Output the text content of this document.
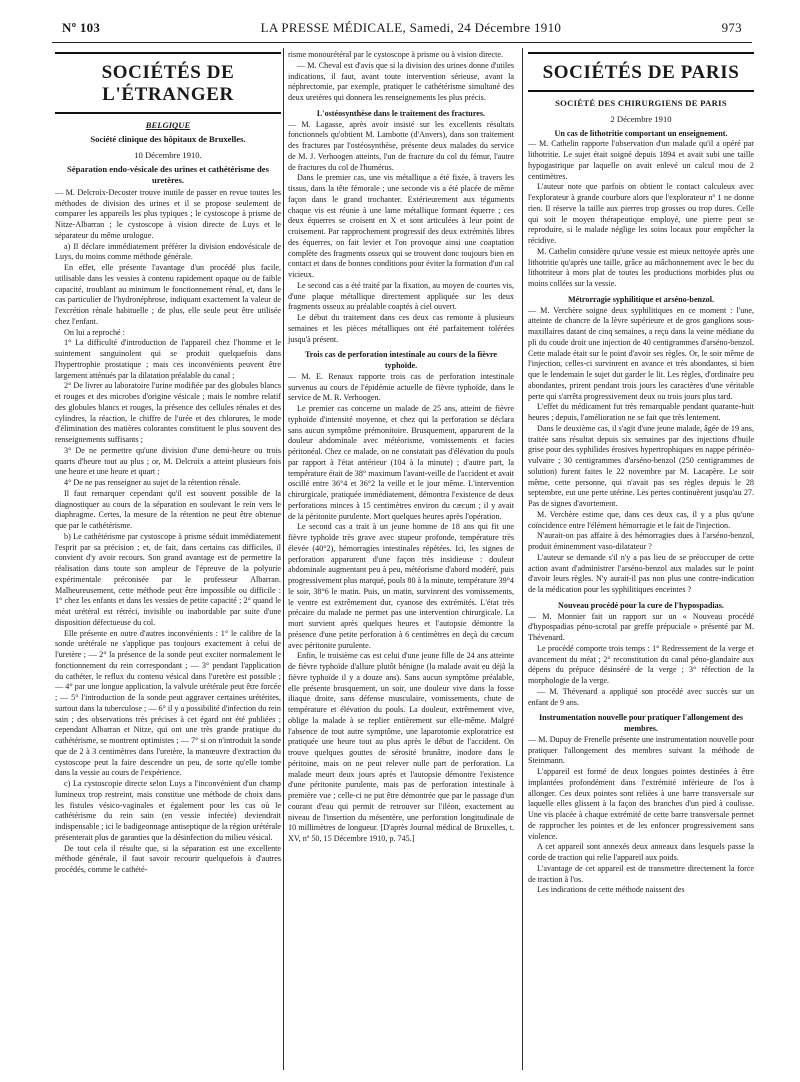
Nº 103	LA PRESSE MÉDICALE, Samedi, 24 Décembre 1910	973
SOCIÉTÉS DE L'ÉTRANGER
BELGIQUE
Société clinique des hôpitaux de Bruxelles.
10 Décembre 1910.
Séparation endo-vésicale des urines et cathétérisme des uretères.

— M. Delcroix-Decoster trouve inutile de passer en revue toutes les méthodes de division des urines et il se propose seulement de comparer les appareils les plus typiques ; le cystoscope à prisme de Nitze-Albarran ; le cystoscope à vision directe de Luys et le séparateur du même urologue.

a) Il déclare immédiatement préférer la division endovésicale de Luys, du moins comme méthode générale.

En effet, elle présente l'avantage d'un procédé plus facile, utilisable dans les vessies à contenu rapidement opaque ou de faible capacité, troublant au minimum le fonctionnement rénal, et, dans le cas particulier de l'hydronéphrose, indiquant exactement la valeur de l'excrétion rénale habituelle ; de plus, elle seule peut être utilisée chez l'enfant.

On lui a reproché :

1° La difficulté d'introduction de l'appareil chez l'homme et le suintement sanguinolent qui se produit quelquefois dans l'hypertrophie prostatique ; mais ces inconvénients peuvent être largement atténués par la dilatation préalable du canal ;

2° De livrer au laboratoire l'urine modifiée par des globules blancs et rouges et des microbes d'origine vésicale ; mais le nombre relatif des globules blancs et rouges, la présence des cellules rénales et des cylindres, la réaction, le chiffre de l'urée et des chlorures, le mode d'élimination des matières colorantes constituent le plus souvent des renseignements suffisants ;

3° De ne permettre qu'une division d'une demi-heure ou trois quarts d'heure tout au plus ; or, M. Delcroix a atteint plusieurs fois une heure et une heure et quart ;

4° De ne pas renseigner au sujet de la rétention rénale.

Il faut remarquer cependant qu'il est souvent possible de la diagnostiquer au cours de la séparation en soulevant le rein vers le diaphragme. Certes, la mesure de la rétention ne peut être obtenue que par le cathétérisme.

b) Le cathétérisme par cystoscope à prisme séduit immédiatement l'esprit par sa précision ; et, de fait, dans certains cas difficiles, il convient d'y avoir recours. Son grand avantage est de permettre la réalisation dans toute son ampleur de l'épreuve de la polyurie expérimentale préconisée par le professeur Albarran. Malheureusement, cette méthode peut être impossible ou difficile : 1° chez les enfants et dans les vessies de petite capacité ; 2° quand le méat urétéral est rétréci, invisible ou inabordable par suite d'une disposition défectueuse du col.

Elle présente en outre d'autres inconvénients : 1° le calibre de la sonde urétérale ne s'applique pas toujours exactement à celui de l'uretère ; — 2° la présence de la sonde peut exciter normalement le fonctionnement du rein correspondant ; — 3° pendant l'application du cathéter, le reflux du contenu vésical dans l'uretère est possible ; — 4° par une longue application, la valvule urétérale peut être forcée ; — 5° l'introduction de la sonde peut aggraver certaines urétérites, surtout dans la tuberculose ; — 6° il y a possibilité d'infection du rein sain ; des observations très précises à cet égard ont été publiées ; cependant Albarran et Nitze, qui ont une très grande pratique du cathétérisme, se montrent optimistes ; — 7° si on n'introduit la sonde que de 2 à 3 centimètres dans l'uretère, la manœuvre d'extraction du cystoscope peut la faire descendre un peu, de sorte qu'elle tombe dans la vessie au cours de l'expérience.

c) La cystoscopie directe selon Luys a l'inconvénient d'un champ lumineux trop restreint, mais constitue une méthode de choix dans les fistules vésico-vaginales et également pour les cas où le cathétérisme du rein sain (en vessie infectée) deviendrait indispensable ; ici le badigeonnage antiseptique de la région urétérale présenterait plus de garanties que la désinfection du milieu vésical.

De tout cela il résulte que, si la séparation est une excellente méthode générale, il faut savoir recourir quelquefois à d'autres procédés, comme le cathété-

risme monourétéral par le cystoscope à prisme ou à vision directe.

— M. Cheval est d'avis que si la division des urines donne d'utiles indications, il faut, avant toute intervention sérieuse, avant la néphrectomie, par exemple, pratiquer le cathétérisme simultané des deux uretères qui donnera les renseignements les plus précis.

L'ostéosynthèse dans le traitement des fractures.

— M. Lagasse, après avoir insisté sur les excellents résultats fonctionnels qu'obtient M. Lambotte (d'Anvers), dans son traitement des fractures par l'ostéosynthèse, présente deux malades du service de M. J. Verhoogen atteints, l'un de fracture du col du fémur, l'autre de fractures du col de l'humérus.

Dans le premier cas, une vis métallique a été fixée, à travers les tissus, dans la tête fémorale ; une seconde vis a été placée de même façon dans le grand trochanter. Extérieurement aux téguments chaque vis est réunie à une lame métallique formant équerre ; ces deux équerres se croisent en X et sont articulées à leur point de croisement. Par rapprochement progressif des deux extrémités libres des équerres, on fait levier et l'on provoque ainsi une coaptation complète des fragments osseux qui se trouvent donc toujours bien en contact et dans de bonnes conditions pour éviter la formation d'un cal vicieux.

Le second cas a été traité par la fixation, au moyen de courtes vis, d'une plaque métallique directement appliquée sur les deux fragments osseux au préalable coaptés à ciel ouvert.

Le début du traitement dans ces deux cas remonte à plusieurs semaines et les pièces métalliques ont été parfaitement tolérées jusqu'à présent.

Trois cas de perforation intestinale au cours de la fièvre typhoïde.

— M. E. Renaux rapporte trois cas de perforation intestinale survenus au cours de l'épidémie actuelle de fièvre typhoïde, dans le service de M. R. Verhoogen.

Le premier cas concerne un malade de 25 ans, atteint de fièvre typhoïde d'intensité moyenne, et chez qui la perforation se déclara sans aucun symptôme prémonitoire. Brusquement, apparurent de la douleur abdominale avec météorisme, vomissements et facies péritonéal. Chez ce malade, on ne constatait pas d'élévation du pouls par rapport à l'état antérieur (104 à la minute) ; d'autre part, la température était de 38° maximum l'avant-veille de l'accident et avait oscillé entre 36°4 et 36°2 la veille et le jour même. L'intervention chirurgicale, pratiquée immédiatement, démontra l'existence de deux perforations minces à 15 centimètres environ du cæcum ; il y avait de la péritonite purulente. Mort quelques heures après l'opération.

Le second cas a trait à un jeune homme de 18 ans qui fit une fièvre typhoïde très grave avec stupeur profonde, température très élevée (40°2), hémorragies intestinales répétées. Ici, les signes de perforation apparurent d'une façon très insidieuse : douleur abdominale augmentant peu à peu, météorisme d'abord modéré, puis progressivement plus marqué, pouls 80 à la minute, température 39°4 le soir, 38°6 le matin. Puis, un matin, survinrent des vomissements, le ventre est extrêmement dur, cyanose des extrémités. L'état très précaire du malade ne permet pas une intervention chirurgicale. La mort survient après quelques heures et l'autopsie démontre la présence d'une petite perforation à 6 centimètres en deçà du cæcum avec péritonite purulente.

Enfin, le troisième cas est celui d'une jeune fille de 24 ans atteinte de fièvre typhoïde d'allure plutôt bénigne (la malade avait eu déjà la fièvre typhoïde il y a douze ans). Sans aucun symptôme préalable, elle présente brusquement, un soir, une douleur vive dans la fosse iliaque droite, sans défense musculaire, vomissements, chute de température et élévation du pouls. La douleur, extrêmement vive, oblige la malade à se replier entièrement sur elle-même. Malgré l'absence de tout autre symptôme, une laparotomie exploratrice est pratiquée une heure tout au plus après le début de l'accident. On trouve quelques gouttes de sérosité brunâtre, inodore dans le péritoine, mais on ne peut relever nulle part de perforation. La malade meurt deux jours après et l'autopsie démontre l'existence d'une péritonite purulente, mais pas de perforation intestinale à première vue ; celle-ci ne put être démontrée que par le passage d'un courant d'eau qui permit de retrouver sur l'iléon, exactement au niveau de l'insertion du mésentère, une perforation longitudinale de 10 millimètres de longueur. [D'après Journal médical de Bruxelles, t. XV, nº 50, 15 Décembre 1910, p. 745.]

SOCIÉTÉS DE PARIS
SOCIÉTÉ DES CHIRURGIENS DE PARIS
2 Décembre 1910
Un cas de lithotritie comportant un enseignement.

— M. Cathelin rapporte l'observation d'un malade qu'il a opéré par lithotritie. Le sujet était soigné depuis 1894 et avait subi une taille hypogastrique par laquelle on avait enlevé un calcul mou de 2 centimètres.

L'auteur note que parfois on obtient le contact calculeux avec l'explorateur à grande courbure alors que l'explorateur nº 1 ne donne rien. Il réserve la taille aux pierres trop grosses ou trop dures. Celle qui soit le moyen thérapeutique employé, une pierre peut se reproduire, si le malade néglige les soins locaux pour empêcher la récidive.

M. Cathelin considère qu'une vessie est mieux nettoyée après une lithotritie qu'après une taille, grâce au mâchonnement avec le bec du lithotriteur à mors plat de toutes les productions morbides plus ou moins collées sur la vessie.

Métrorragie syphilitique et arséno-benzol.

— M. Verchère soigne deux syphilitiques en ce moment : l'une, atteinte de chancre de la lèvre supérieure et de gros ganglions sous-maxillaires datant de cinq semaines, a reçu dans la veine médiane du pli du coude droit une injection de 40 centigrammes d'arséno-benzol. Cette malade était sur le point d'avoir ses règles. Or, le soir même de l'injection, celles-ci survinrent en avance et très abondantes, si bien que le lendemain le sujet dut garder le lit. Les règles, d'ordinaire peu abondantes, prirent pendant trois jours les caractères d'une véritable perte qui s'arrêta progressivement deux ou trois jours plus tard.

L'effet du médicament fut très remarquable pendant quarante-huit heures ; depuis, l'amélioration ne se fait que très lentement.

Dans le deuxième cas, il s'agit d'une jeune malade, âgée de 19 ans, traitée sans résultat depuis six semaines par des injections d'huile grise pour des syphilides érosives hypertrophiques en nappe périnéo-vulvaire ; 30 centigrammes d'arséno-benzol (250 centigrammes de solution) furent faites le 22 novembre par M. Lacapère. Le soir même, cette personne, qui n'avait pas ses règles depuis le 28 septembre, eut une perte utérine. Les pertes continuèrent jusqu'au 27. Pas de signes d'avortement.

M. Verchère estime que, dans ces deux cas, il y a plus qu'une coïncidence entre l'élément hémorragie et le fait de l'injection.

N'aurait-on pas affaire à des hémorragies dues à l'arséno-benzol, produit éminemment vaso-dilatateur ?

L'auteur se demande s'il n'y a pas lieu de se préoccuper de cette action avant d'administrer l'arséno-benzol aux malades sur le point d'avoir leurs règles. N'y aurait-il pas non plus une contre-indication de la médication pour les syphilitiques enceintes ?

Nouveau procédé pour la cure de l'hypospadias.

— M. Monnier fait un rapport sur un « Nouveau procédé d'hypospadias péno-scrotal par greffe prépuciale » présenté par M. Thévenard.

Le procédé comporte trois temps : 1° Redressement de la verge et avancement du méat ; 2° reconstitution du canal péno-glandaire aux dépens du prépuce désinséré de la verge ; 3° réfection de la morphologie de la verge.

— M. Thévenard a appliqué son procédé avec succès sur un enfant de 9 ans.

Instrumentation nouvelle pour pratiquer l'allongement des membres.

— M. Dupuy de Frenelle présente une instrumentation nouvelle pour pratiquer l'allongement des membres suivant la méthode de Steinmann.

L'appareil est formé de deux longues pointes destinées à être implantées profondément dans l'extrémité inférieure de l'os à allonger. Ces deux pointes sont reliées à une barre transversale sur laquelle elles glissent à la façon des branches d'un pied à coulisse. Une vis placée à chaque extrémité de cette barre transversale permet de rapprocher les pointes et de les enfoncer progressivement sans violence.

A cet appareil sont annexés deux anneaux dans lesquels passe la corde de traction qui relie l'appareil aux poids.

L'avantage de cet appareil est de transmettre directement la force de traction à l'os.

Les indications de cette méthode naissent des
